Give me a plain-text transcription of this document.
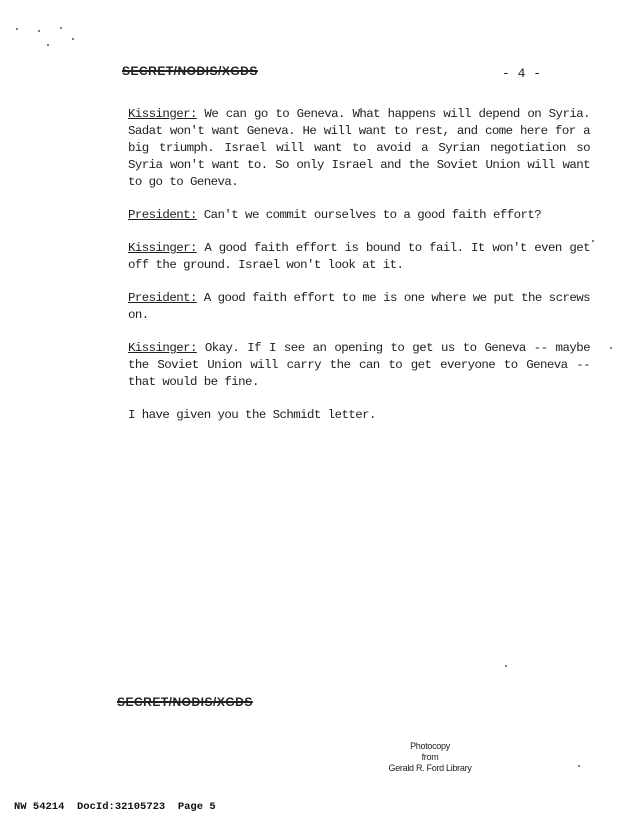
SECRET/NODIS/XGDS	- 4 -

Kissinger: We can go to Geneva. What happens will depend on Syria. Sadat won't want Geneva. He will want to rest, and come here for a big triumph. Israel will want to avoid a Syrian negotiation so Syria won't want to. So only Israel and the Soviet Union will want to go to Geneva.

President: Can't we commit ourselves to a good faith effort?

Kissinger: A good faith effort is bound to fail. It won't even get off the ground. Israel won't look at it.

President: A good faith effort to me is one where we put the screws on.

Kissinger: Okay. If I see an opening to get us to Geneva -- maybe the Soviet Union will carry the can to get everyone to Geneva -- that would be fine.

I have given you the Schmidt letter.

SECRET/NODIS/XGDS
Photocopy
from
Gerald R. Ford Library
NW 54214  DocId:32105723  Page 5
